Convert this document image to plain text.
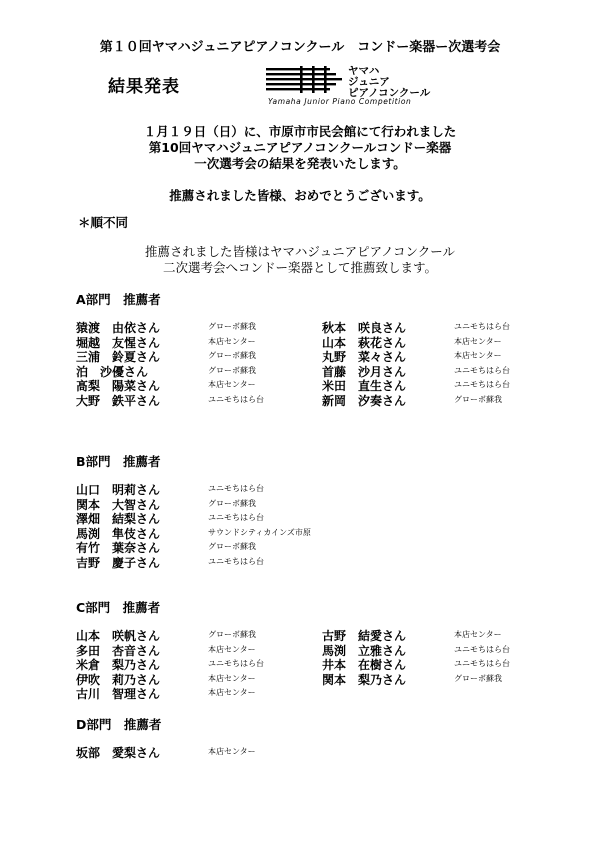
第１０回ヤマハジュニアピアノコンクール　コンドー楽器ー次選考会
結果発表
ヤマハ
ジュニア
ピアノコンクール
Yamaha Junior Piano Competition
１月１９日（日）に、市原市市民会館にて行われました
第10回ヤマハジュニアピアノコンクールコンドー楽器
一次選考会の結果を発表いたします。
推薦されました皆様、おめでとうございます。
＊順不同
推薦されました皆様はヤマハジュニアピアノコンクール
二次選考会へコンドー楽器として推薦致します。
A部門　推薦者
猿渡　由依さん	グローボ蘇我
堀越　友惺さん	本店センター
三浦　鈴夏さん	グローボ蘇我
泊　沙優さん	グローボ蘇我
髙梨　陽菜さん	本店センター
大野　鉄平さん	ユニモちはら台
秋本　咲良さん	ユニモちはら台
山本　萩花さん	本店センター
丸野　菜々さん	本店センター
首藤　沙月さん	ユニモちはら台
米田　直生さん	ユニモちはら台
新岡　汐奏さん	グローボ蘇我
B部門　推薦者
山口　明莉さん	ユニモちはら台
関本　大智さん	グローボ蘇我
澤畑　結梨さん	ユニモちはら台
馬渕　隼伎さん	サウンドシティカインズ市原
有竹　葉奈さん	グローボ蘇我
吉野　慶子さん	ユニモちはら台
C部門　推薦者
山本　咲帆さん	グローボ蘇我
多田　杏音さん	本店センター
米倉　梨乃さん	ユニモちはら台
伊吹　莉乃さん	本店センター
古川　智理さん	本店センター
古野　結愛さん	本店センター
馬渕　立雅さん	ユニモちはら台
井本　在樹さん	ユニモちはら台
関本　梨乃さん	グローボ蘇我
D部門　推薦者
坂部　愛梨さん	本店センター
